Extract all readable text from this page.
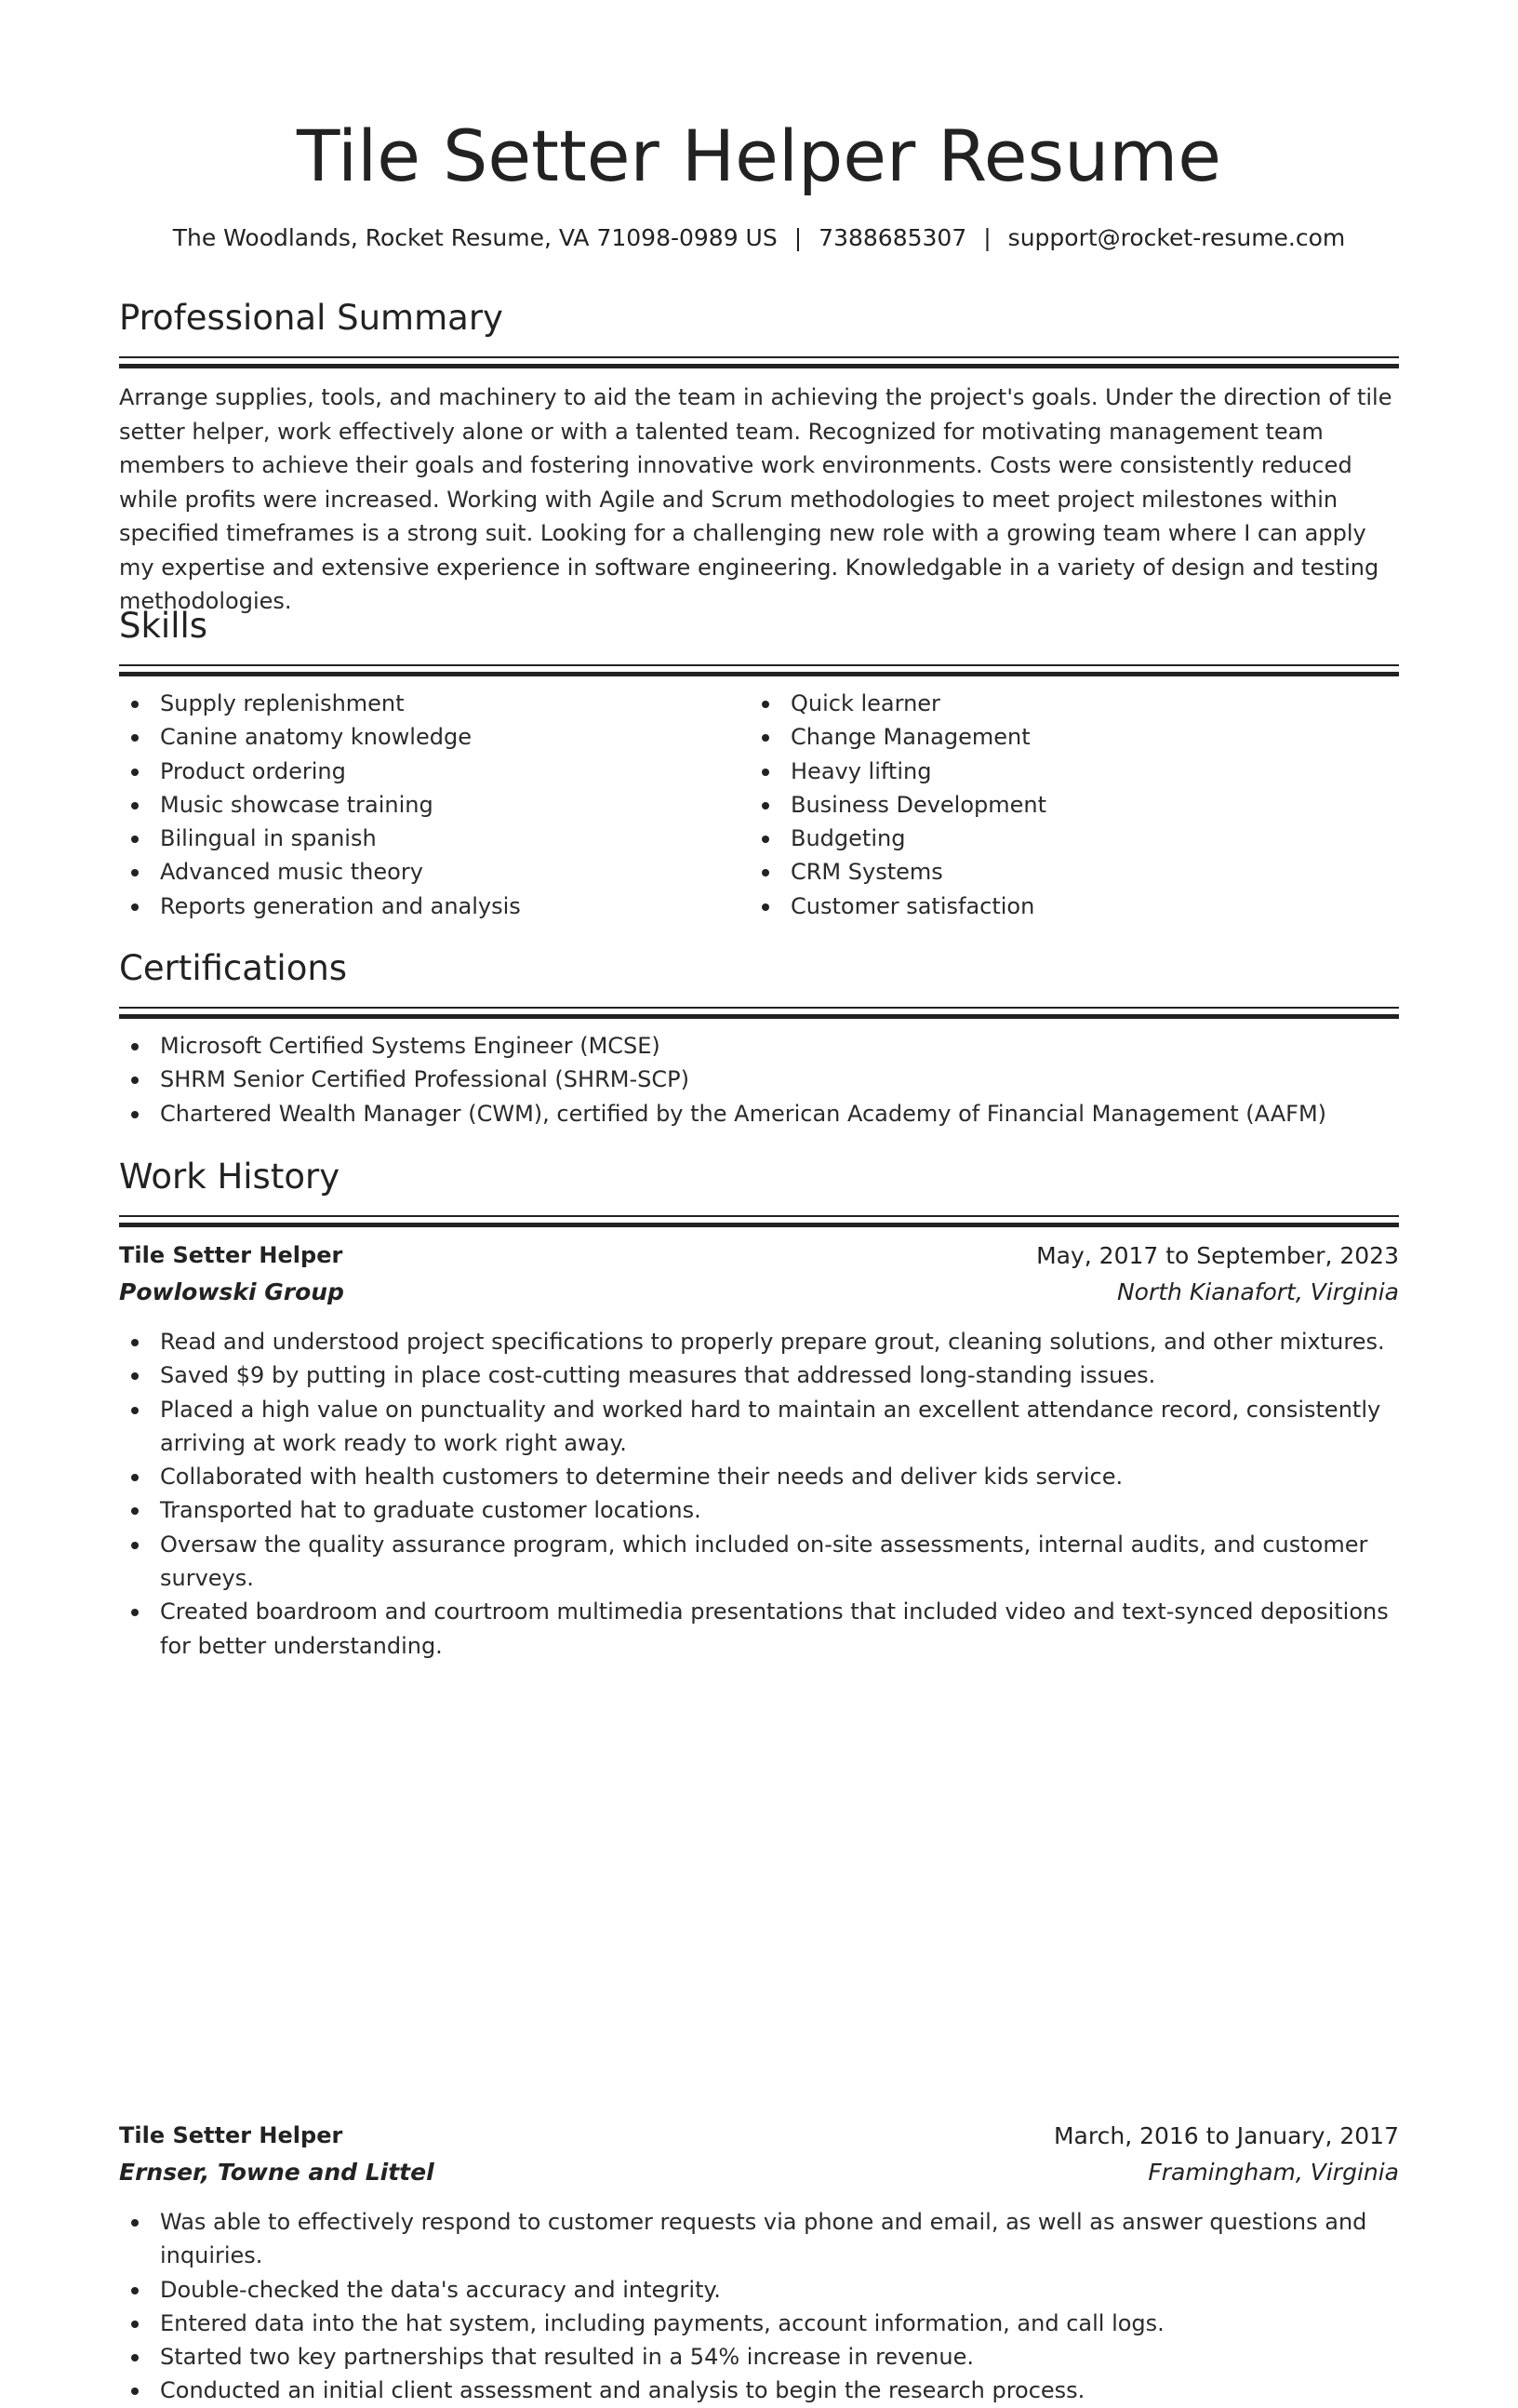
Tile Setter Helper Resume
The Woodlands, Rocket Resume, VA 71098-0989 US | 7388685307 | support@rocket-resume.com
Professional Summary

Arrange supplies, tools, and machinery to aid the team in achieving the project's goals. Under the direction of tile setter helper, work effectively alone or with a talented team. Recognized for motivating management team members to achieve their goals and fostering innovative work environments. Costs were consistently reduced while profits were increased. Working with Agile and Scrum methodologies to meet project milestones within specified timeframes is a strong suit. Looking for a challenging new role with a growing team where I can apply my expertise and extensive experience in software engineering. Knowledgable in a variety of design and testing methodologies.

Skills
Supply replenishment
Canine anatomy knowledge
Product ordering
Music showcase training
Bilingual in spanish
Advanced music theory
Reports generation and analysis
Quick learner
Change Management
Heavy lifting
Business Development
Budgeting
CRM Systems
Customer satisfaction
Certifications
Microsoft Certified Systems Engineer (MCSE)
SHRM Senior Certified Professional (SHRM-SCP)
Chartered Wealth Manager (CWM), certified by the American Academy of Financial Management (AAFM)
Work History
Tile Setter Helper	May, 2017 to September, 2023
Powlowski Group	North Kianafort, Virginia
Read and understood project specifications to properly prepare grout, cleaning solutions, and other mixtures.
Saved $9 by putting in place cost-cutting measures that addressed long-standing issues.
Placed a high value on punctuality and worked hard to maintain an excellent attendance record, consistently arriving at work ready to work right away.
Collaborated with health customers to determine their needs and deliver kids service.
Transported hat to graduate customer locations.
Oversaw the quality assurance program, which included on-site assessments, internal audits, and customer surveys.
Created boardroom and courtroom multimedia presentations that included video and text-synced depositions for better understanding.
Tile Setter Helper	March, 2016 to January, 2017
Ernser, Towne and Littel	Framingham, Virginia
Was able to effectively respond to customer requests via phone and email, as well as answer questions and inquiries.
Double-checked the data's accuracy and integrity.
Entered data into the hat system, including payments, account information, and call logs.
Started two key partnerships that resulted in a 54% increase in revenue.
Conducted an initial client assessment and analysis to begin the research process.
